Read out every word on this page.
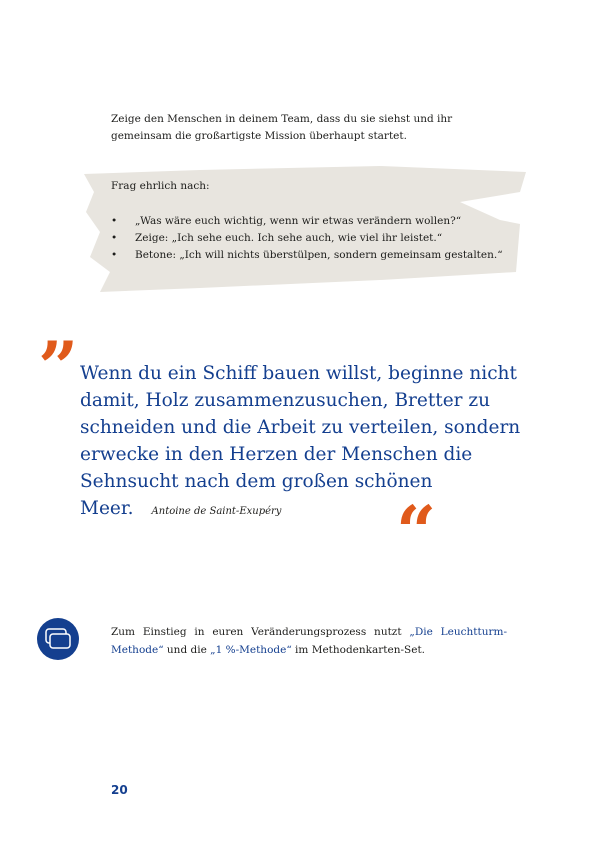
Zeige den Menschen in deinem Team, dass du sie siehst und ihr gemeinsam die großartigste Mission überhaupt startet.
Frag ehrlich nach:
• „Was wäre euch wichtig, wenn wir etwas verändern wollen?“
• Zeige: „Ich sehe euch. Ich sehe auch, wie viel ihr leistet.“
• Betone: „Ich will nichts überstülpen, sondern gemeinsam gestalten.“
” Wenn du ein Schiff bauen willst, beginne nicht damit, Holz zusammenzusuchen, Bretter zu schneiden und die Arbeit zu verteilen, sondern erwecke in den Herzen der Menschen die Sehnsucht nach dem großen schönen Meer. Antoine de Saint-Exupéry	“
Zum Einstieg in euren Veränderungsprozess nutzt „Die Leuchtturm-Methode“ und die „1 %-Methode“ im Methodenkarten-Set.
20
